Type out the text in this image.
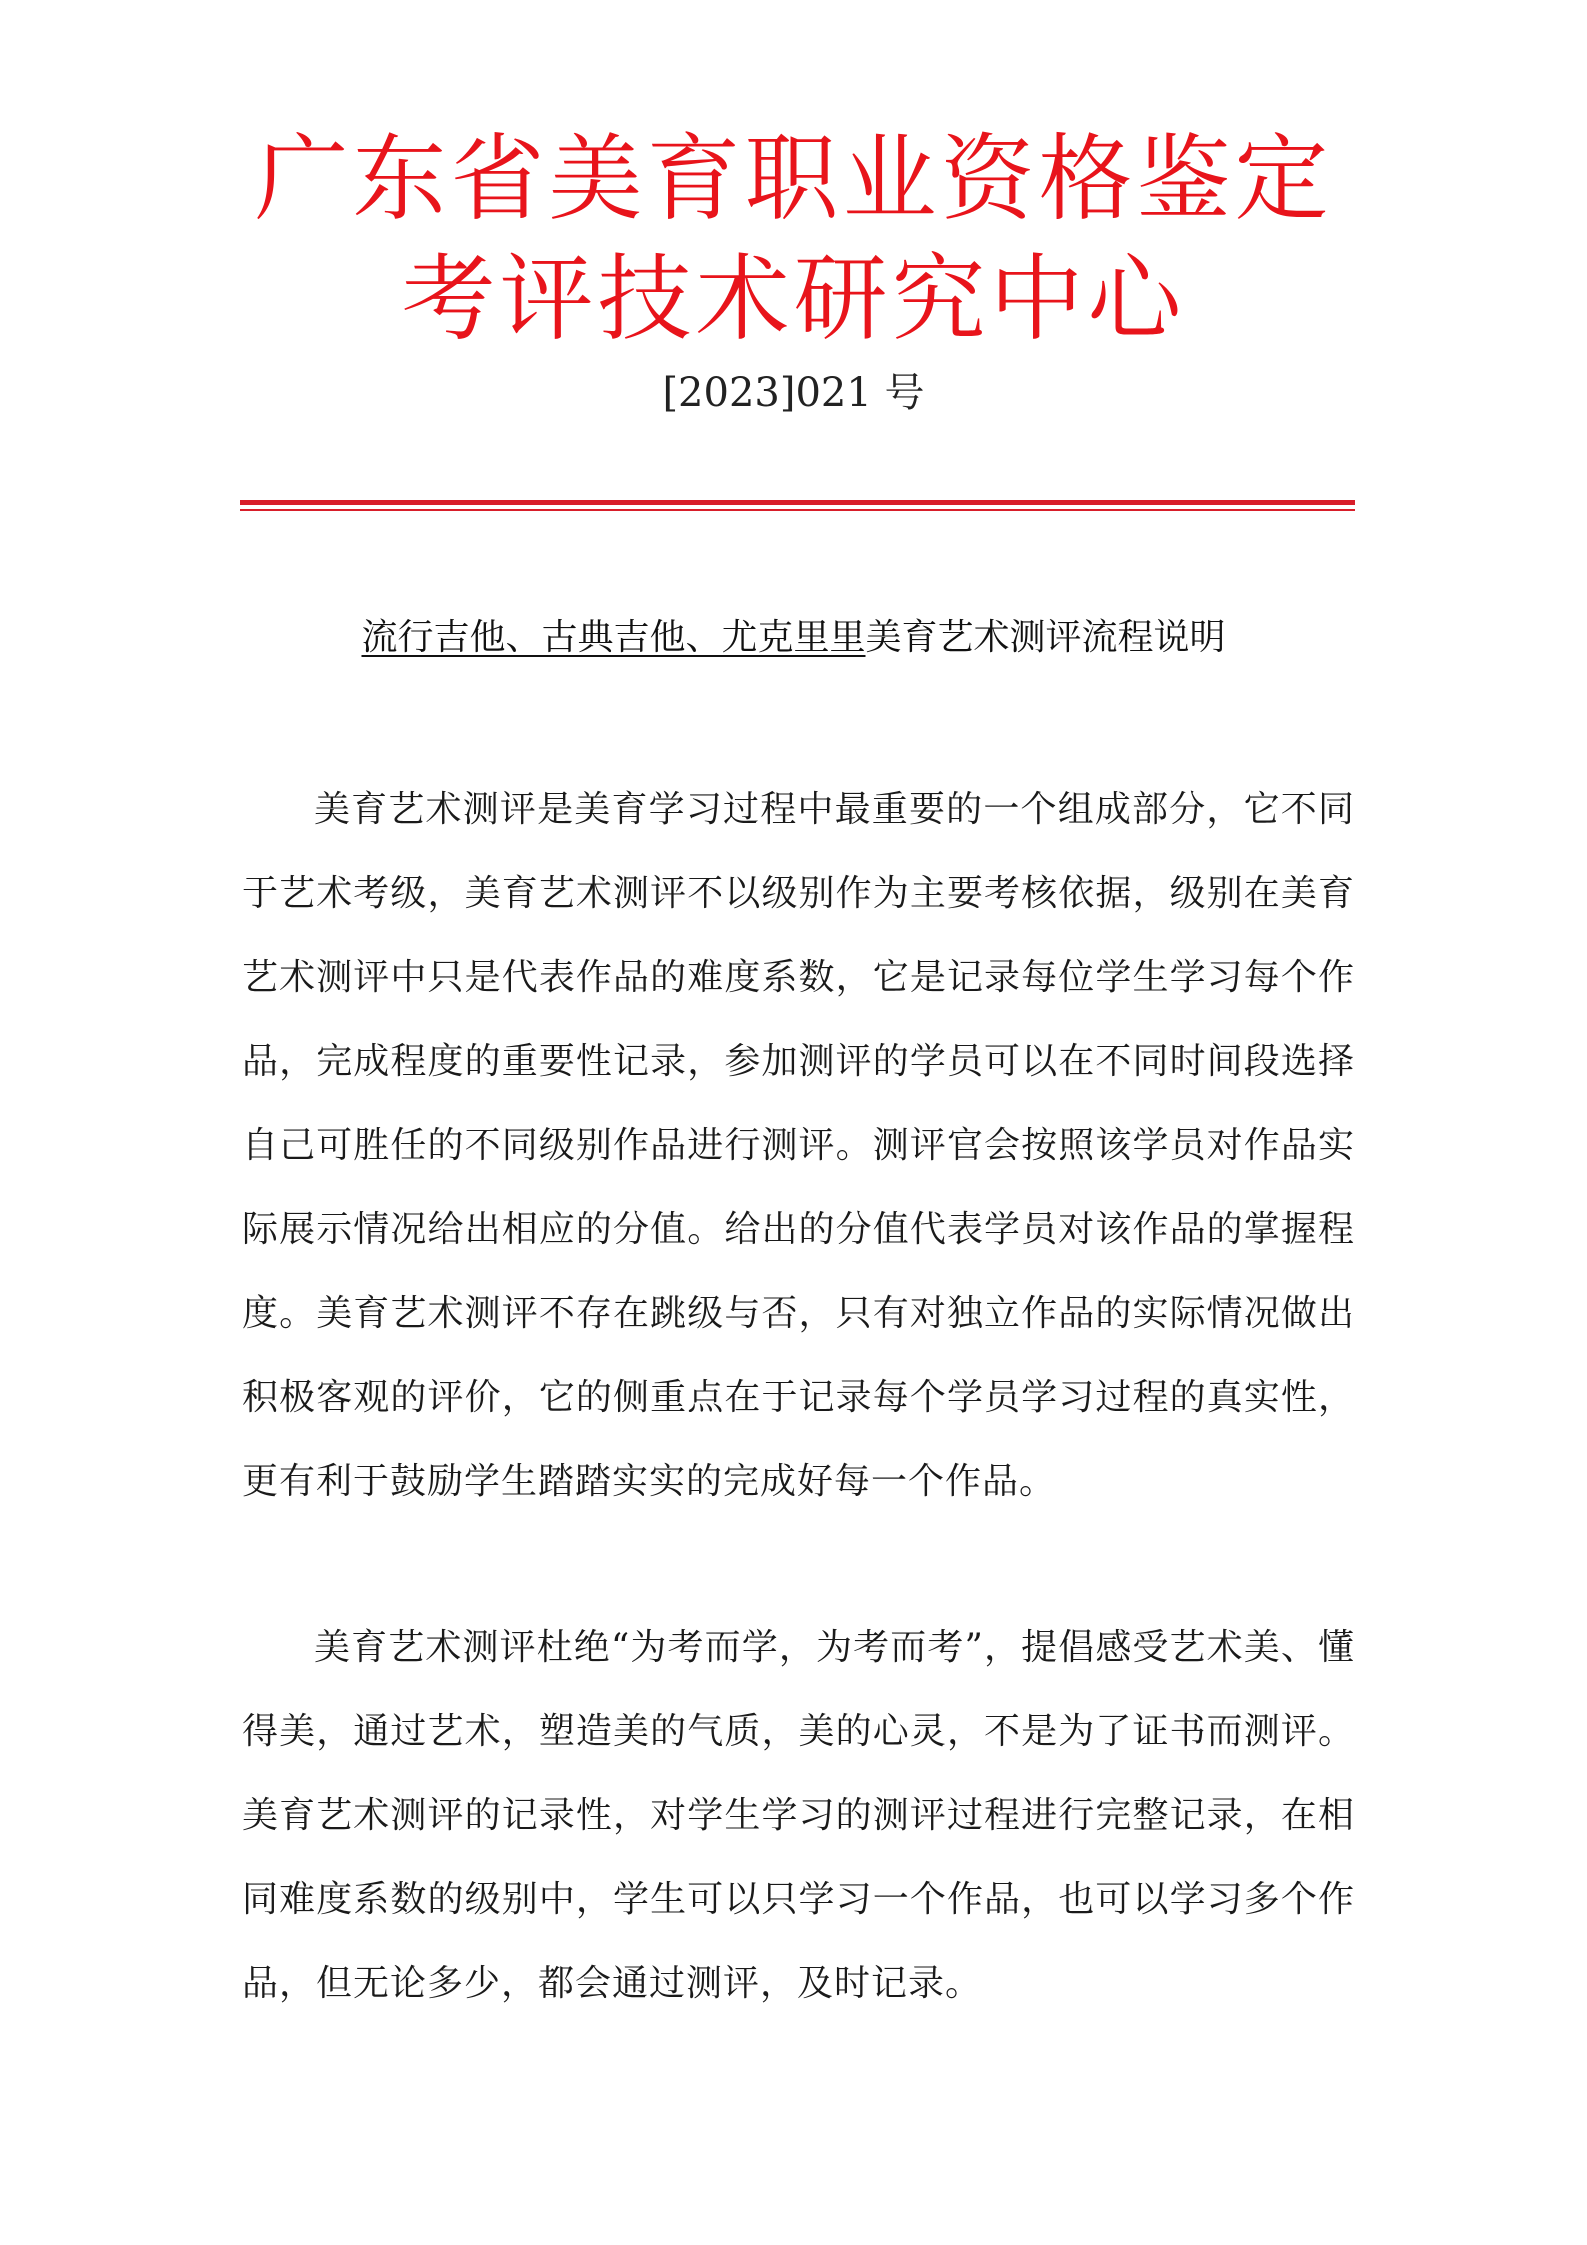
广东省美育职业资格鉴定
考评技术研究中心
[2023]021 号
流行吉他、古典吉他、尤克里里美育艺术测评流程说明

美育艺术测评是美育学习过程中最重要的一个组成部分，它不同于艺术考级，美育艺术测评不以级别作为主要考核依据，级别在美育艺术测评中只是代表作品的难度系数，它是记录每位学生学习每个作品，完成程度的重要性记录，参加测评的学员可以在不同时间段选择自己可胜任的不同级别作品进行测评。测评官会按照该学员对作品实际展示情况给出相应的分值。给出的分值代表学员对该作品的掌握程度。美育艺术测评不存在跳级与否，只有对独立作品的实际情况做出积极客观的评价，它的侧重点在于记录每个学员学习过程的真实性，更有利于鼓励学生踏踏实实的完成好每一个作品。

美育艺术测评杜绝“为考而学，为考而考”，提倡感受艺术美、懂得美，通过艺术，塑造美的气质，美的心灵，不是为了证书而测评。美育艺术测评的记录性，对学生学习的测评过程进行完整记录，在相同难度系数的级别中，学生可以只学习一个作品，也可以学习多个作品，但无论多少，都会通过测评，及时记录。
